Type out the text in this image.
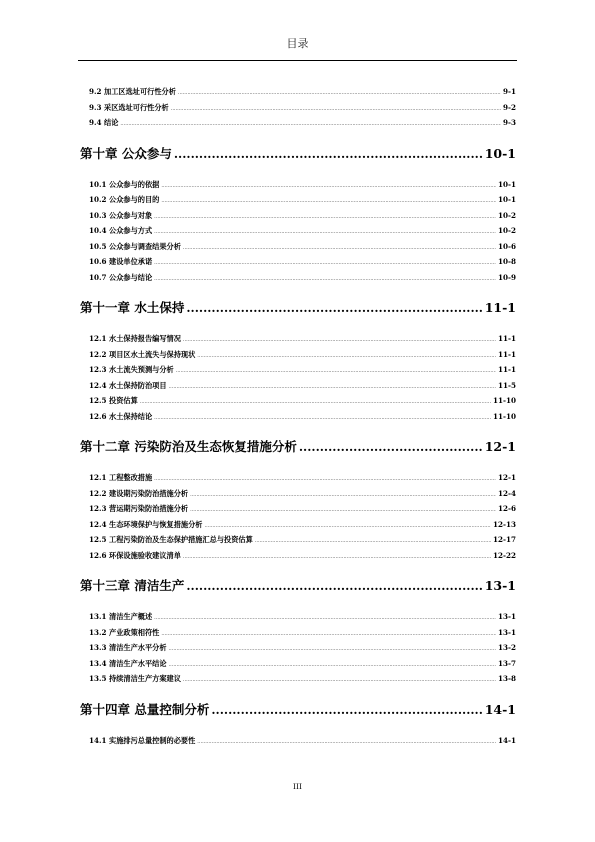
目录
9.2 加工区选址可行性分析 .....	9-1
9.3 采区选址可行性分析 .....	9-2
9.4 结论 .....	9-3
第十章 公众参与 .....	10-1
10.1 公众参与的依据 .....	10-1
10.2 公众参与的目的 .....	10-1
10.3 公众参与对象 .....	10-2
10.4 公众参与方式 .....	10-2
10.5 公众参与调查结果分析 .....	10-6
10.6 建设单位承诺 .....	10-8
10.7 公众参与结论 .....	10-9
第十一章 水土保持 .....	11-1
12.1 水土保持报告编写情况 .....	11-1
12.2 项目区水土流失与保持现状 .....	11-1
12.3 水土流失预测与分析 .....	11-1
12.4 水土保持防治项目 .....	11-5
12.5 投资估算 .....	11-10
12.6 水土保持结论 .....	11-10
第十二章 污染防治及生态恢复措施分析 .....	12-1
12.1 工程整改措施 .....	12-1
12.2 建设期污染防治措施分析 .....	12-4
12.3 营运期污染防治措施分析 .....	12-6
12.4 生态环境保护与恢复措施分析 .....	12-13
12.5 工程污染防治及生态保护措施汇总与投资估算 .....	12-17
12.6 环保设施验收建议清单 .....	12-22
第十三章 清洁生产 .....	13-1
13.1 清洁生产概述 .....	13-1
13.2 产业政策相符性 .....	13-1
13.3 清洁生产水平分析 .....	13-2
13.4 清洁生产水平结论 .....	13-7
13.5 持续清洁生产方案建议 .....	13-8
第十四章 总量控制分析 .....	14-1
14.1 实施排污总量控制的必要性 .....	14-1
III
